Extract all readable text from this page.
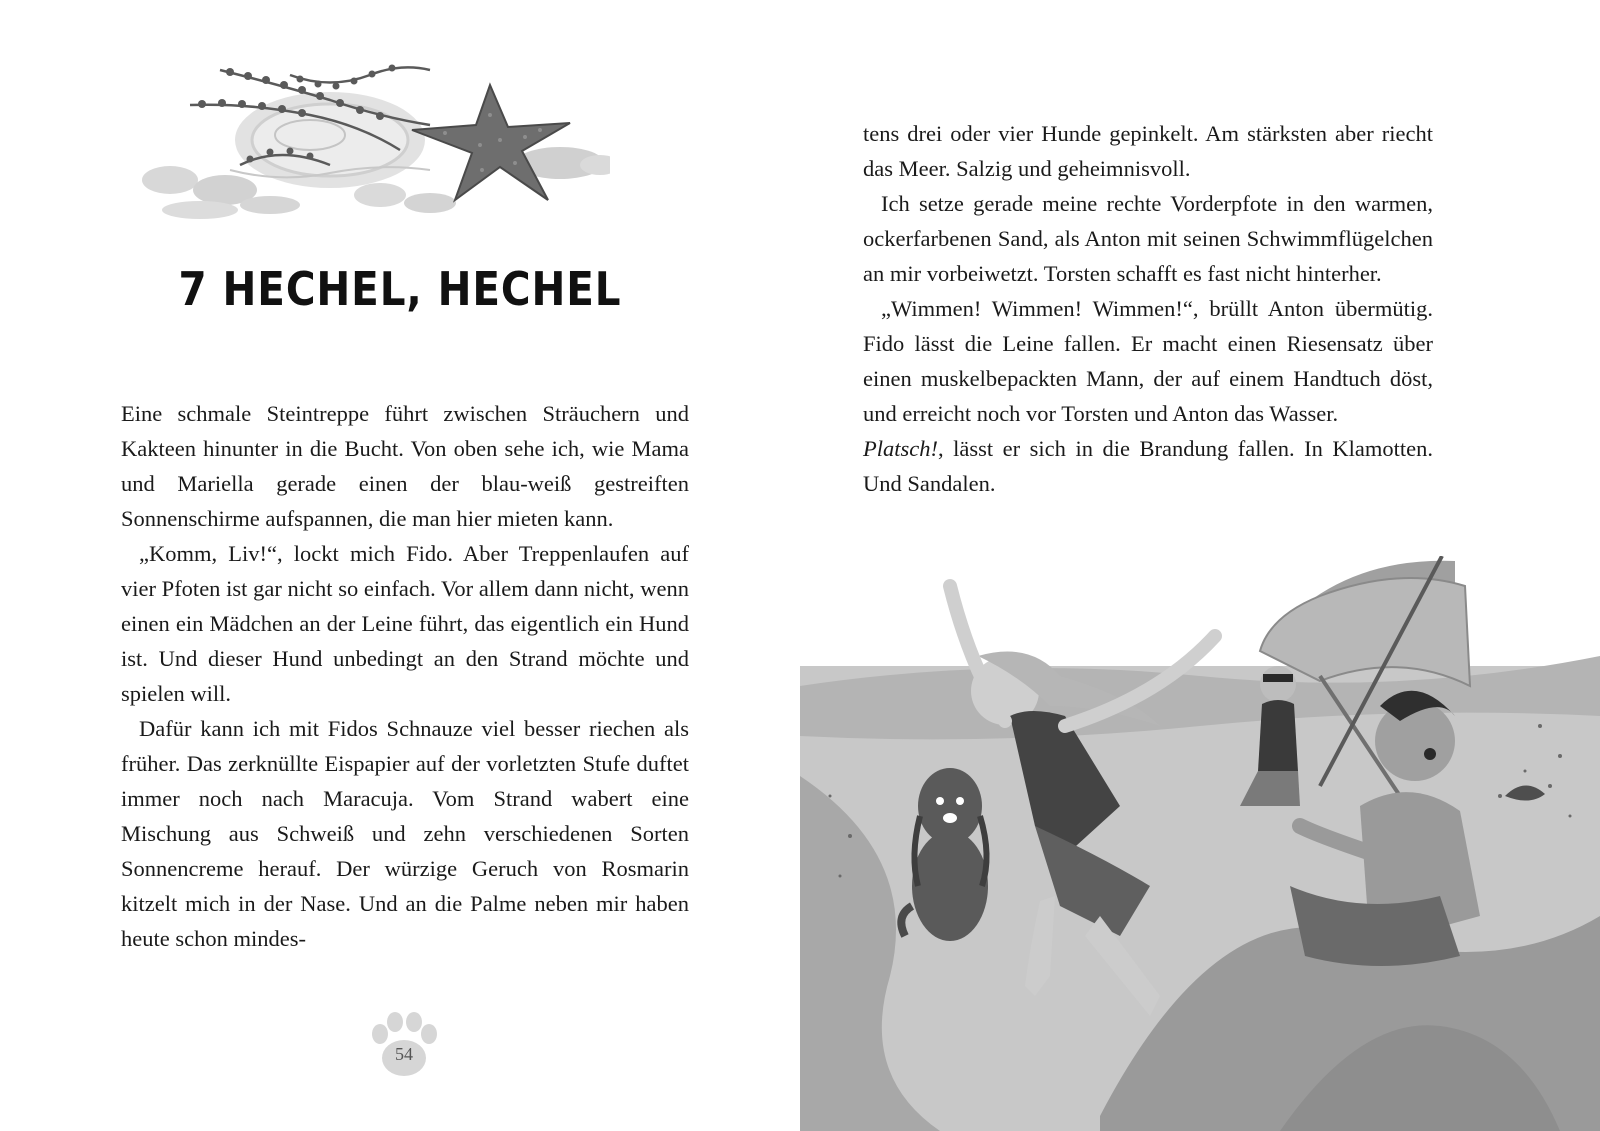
7 HECHEL, HECHEL

Eine schmale Steintreppe führt zwischen Sträuchern und Kakteen hinunter in die Bucht. Von oben sehe ich, wie Mama und Mariella gerade einen der blau-weiß gestreiften Sonnenschirme aufspannen, die man hier mieten kann.

„Komm, Liv!“, lockt mich Fido. Aber Treppenlaufen auf vier Pfoten ist gar nicht so einfach. Vor allem dann nicht, wenn einen ein Mädchen an der Leine führt, das eigentlich ein Hund ist. Und dieser Hund unbedingt an den Strand möchte und spielen will.

Dafür kann ich mit Fidos Schnauze viel besser riechen als früher. Das zerknüllte Eispapier auf der vorletzten Stufe duftet immer noch nach Maracuja. Vom Strand wabert eine Mischung aus Schweiß und zehn verschiedenen Sorten Sonnencreme herauf. Der würzige Geruch von Rosmarin kitzelt mich in der Nase. Und an die Palme neben mir haben heute schon mindes-

54

tens drei oder vier Hunde gepinkelt. Am stärksten aber riecht das Meer. Salzig und geheimnisvoll.

Ich setze gerade meine rechte Vorderpfote in den warmen, ockerfarbenen Sand, als Anton mit seinen Schwimmflügelchen an mir vorbeiwetzt. Torsten schafft es fast nicht hinterher.

„Wimmen! Wimmen! Wimmen!“, brüllt Anton übermütig. Fido lässt die Leine fallen. Er macht einen Riesensatz über einen muskelbepackten Mann, der auf einem Handtuch döst, und erreicht noch vor Torsten und Anton das Wasser.

Platsch!, lässt er sich in die Brandung fallen. In Klamotten. Und Sandalen.
